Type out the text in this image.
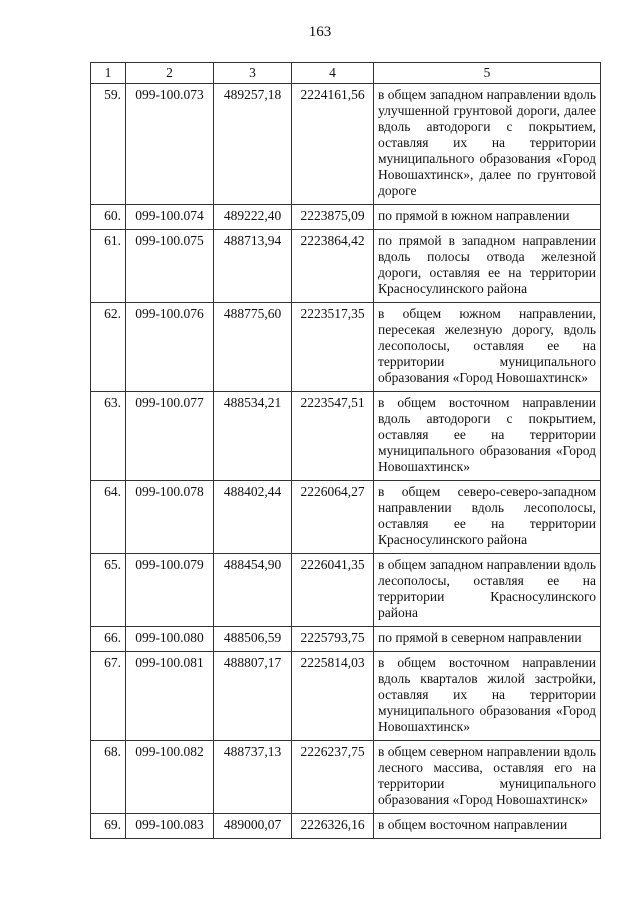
163
1	2	3	4	5
59.	099-100.073	489257,18	2224161,56	в общем западном направлении вдоль улучшенной грунтовой дороги, далее вдоль автодороги с покрытием, оставляя их на территории муниципального образования «Город Новошахтинск», далее по грунтовой дороге
60.	099-100.074	489222,40	2223875,09	по прямой в южном направлении
61.	099-100.075	488713,94	2223864,42	по прямой в западном направлении вдоль полосы отвода железной дороги, оставляя ее на территории Красносулинского района
62.	099-100.076	488775,60	2223517,35	в общем южном направлении, пересекая железную дорогу, вдоль лесополосы, оставляя ее на территории муниципального образования «Город Новошахтинск»
63.	099-100.077	488534,21	2223547,51	в общем восточном направлении вдоль автодороги с покрытием, оставляя ее на территории муниципального образования «Город Новошахтинск»
64.	099-100.078	488402,44	2226064,27	в общем северо-северо-западном направлении вдоль лесополосы, оставляя ее на территории Красносулинского района
65.	099-100.079	488454,90	2226041,35	в общем западном направлении вдоль лесополосы, оставляя ее на территории Красносулинского района
66.	099-100.080	488506,59	2225793,75	по прямой в северном направлении
67.	099-100.081	488807,17	2225814,03	в общем восточном направлении вдоль кварталов жилой застройки, оставляя их на территории муниципального образования «Город Новошахтинск»
68.	099-100.082	488737,13	2226237,75	в общем северном направлении вдоль лесного массива, оставляя его на территории муниципального образования «Город Новошахтинск»
69.	099-100.083	489000,07	2226326,16	в общем восточном направлении
